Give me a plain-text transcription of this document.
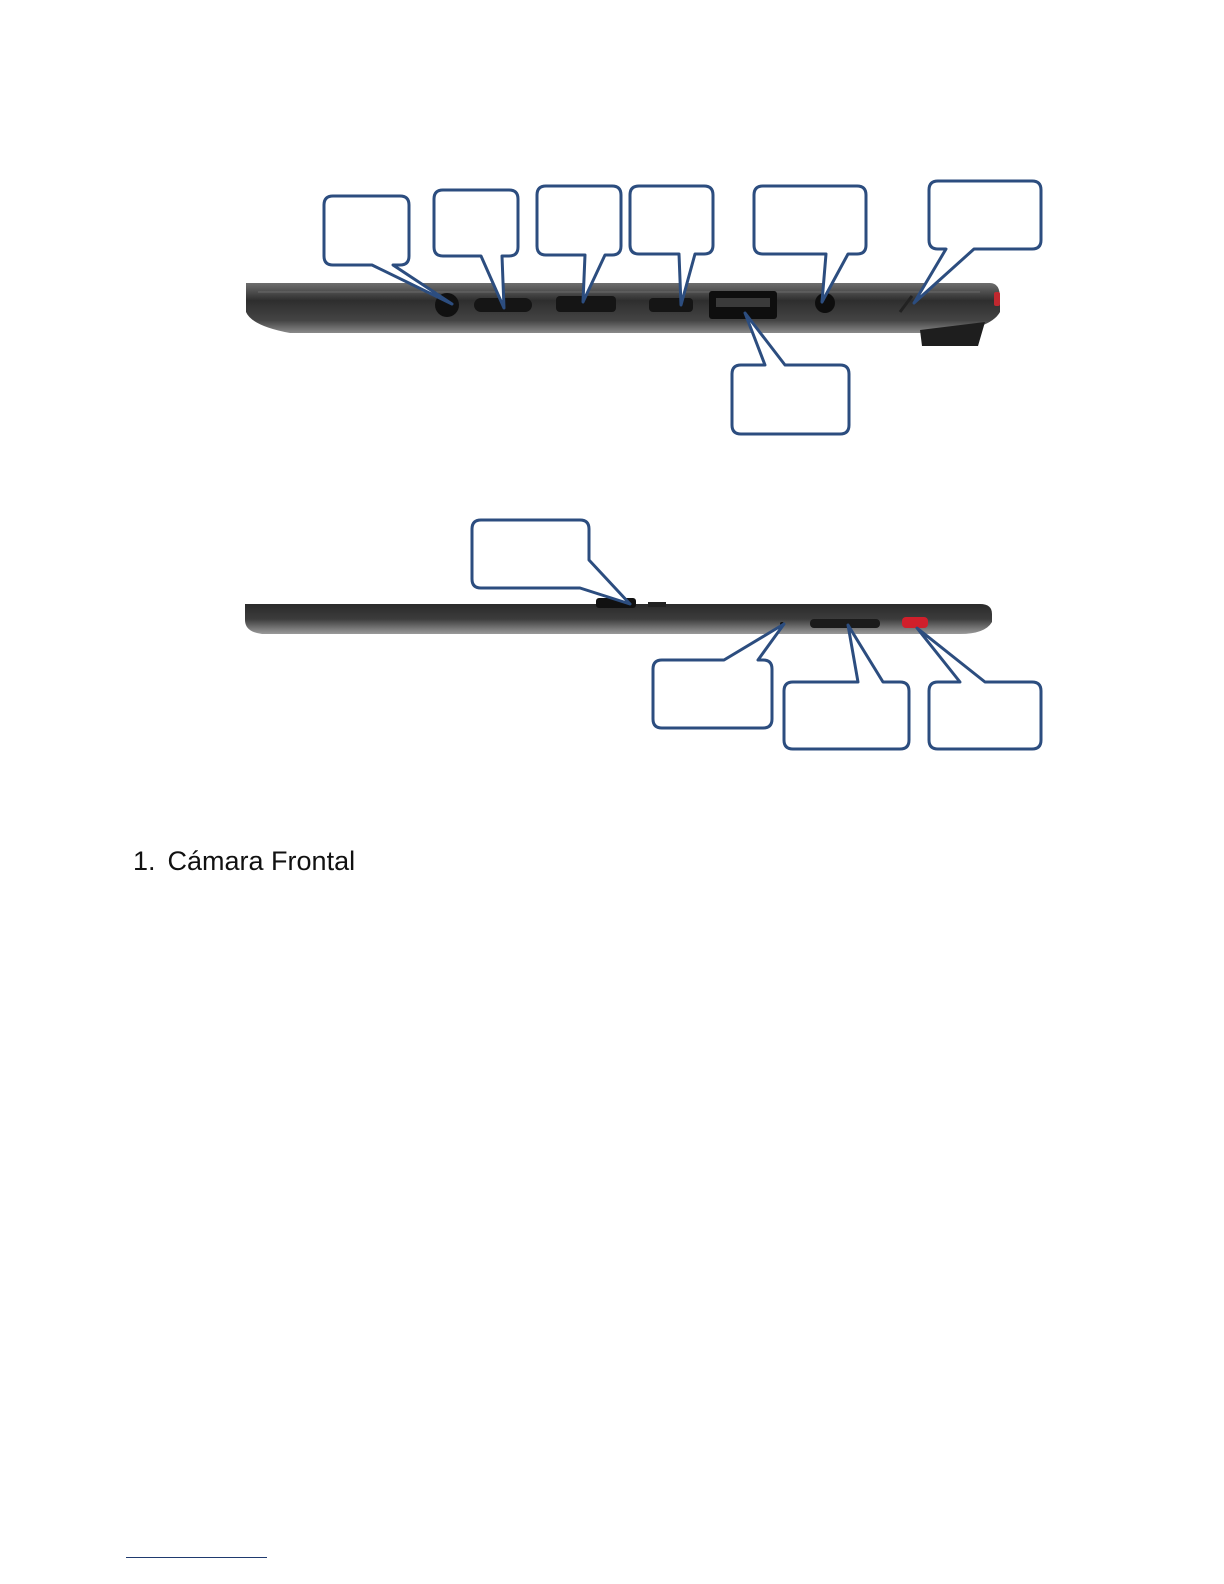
1. Cámara Frontal
